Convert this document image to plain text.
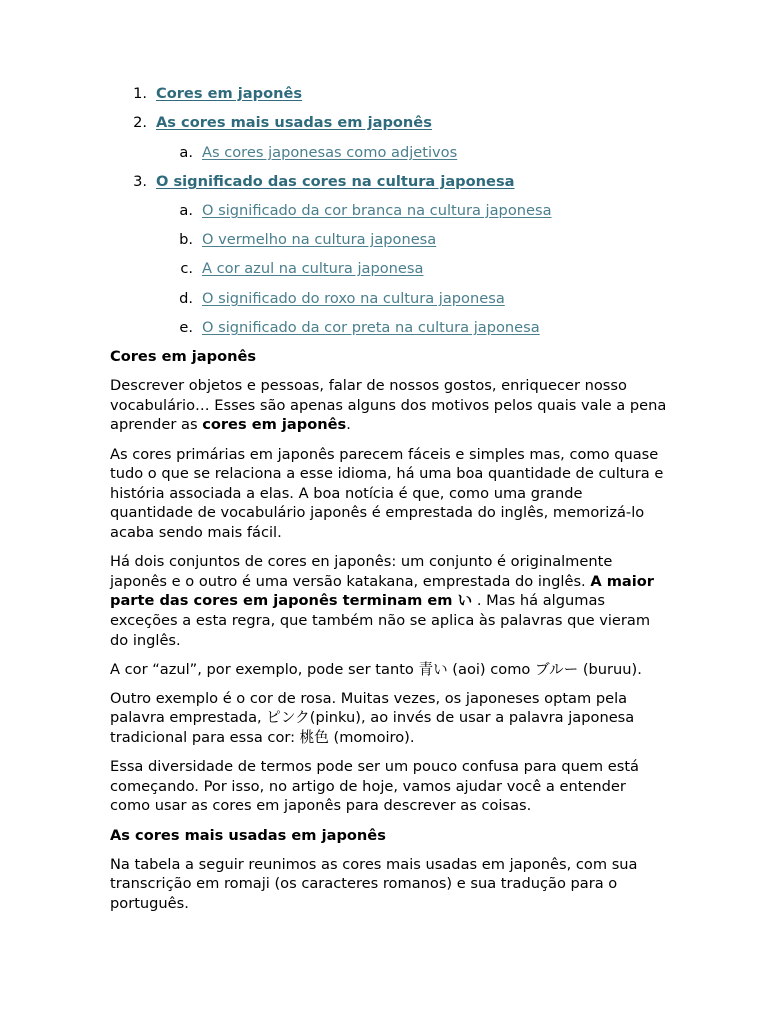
1. Cores em japonês
2. As cores mais usadas em japonês
a. As cores japonesas como adjetivos
3. O significado das cores na cultura japonesa
a. O significado da cor branca na cultura japonesa
b. O vermelho na cultura japonesa
c. A cor azul na cultura japonesa
d. O significado do roxo na cultura japonesa
e. O significado da cor preta na cultura japonesa
Cores em japonês

Descrever objetos e pessoas, falar de nossos gostos, enriquecer nosso vocabulário… Esses são apenas alguns dos motivos pelos quais vale a pena aprender as cores em japonês.

As cores primárias em japonês parecem fáceis e simples mas, como quase tudo o que se relaciona a esse idioma, há uma boa quantidade de cultura e história associada a elas. A boa notícia é que, como uma grande quantidade de vocabulário japonês é emprestada do inglês, memorizá-lo acaba sendo mais fácil.

Há dois conjuntos de cores en japonês: um conjunto é originalmente japonês e o outro é uma versão katakana, emprestada do inglês. A maior parte das cores em japonês terminam em い . Mas há algumas exceções a esta regra, que também não se aplica às palavras que vieram do inglês.

A cor “azul”, por exemplo, pode ser tanto 青い (aoi) como ブルー (buruu).

Outro exemplo é o cor de rosa. Muitas vezes, os japoneses optam pela palavra emprestada, ピンク(pinku), ao invés de usar a palavra japonesa tradicional para essa cor: 桃色 (momoiro).

Essa diversidade de termos pode ser um pouco confusa para quem está começando. Por isso, no artigo de hoje, vamos ajudar você a entender como usar as cores em japonês para descrever as coisas.

As cores mais usadas em japonês

Na tabela a seguir reunimos as cores mais usadas em japonês, com sua transcrição em romaji (os caracteres romanos) e sua tradução para o português.
